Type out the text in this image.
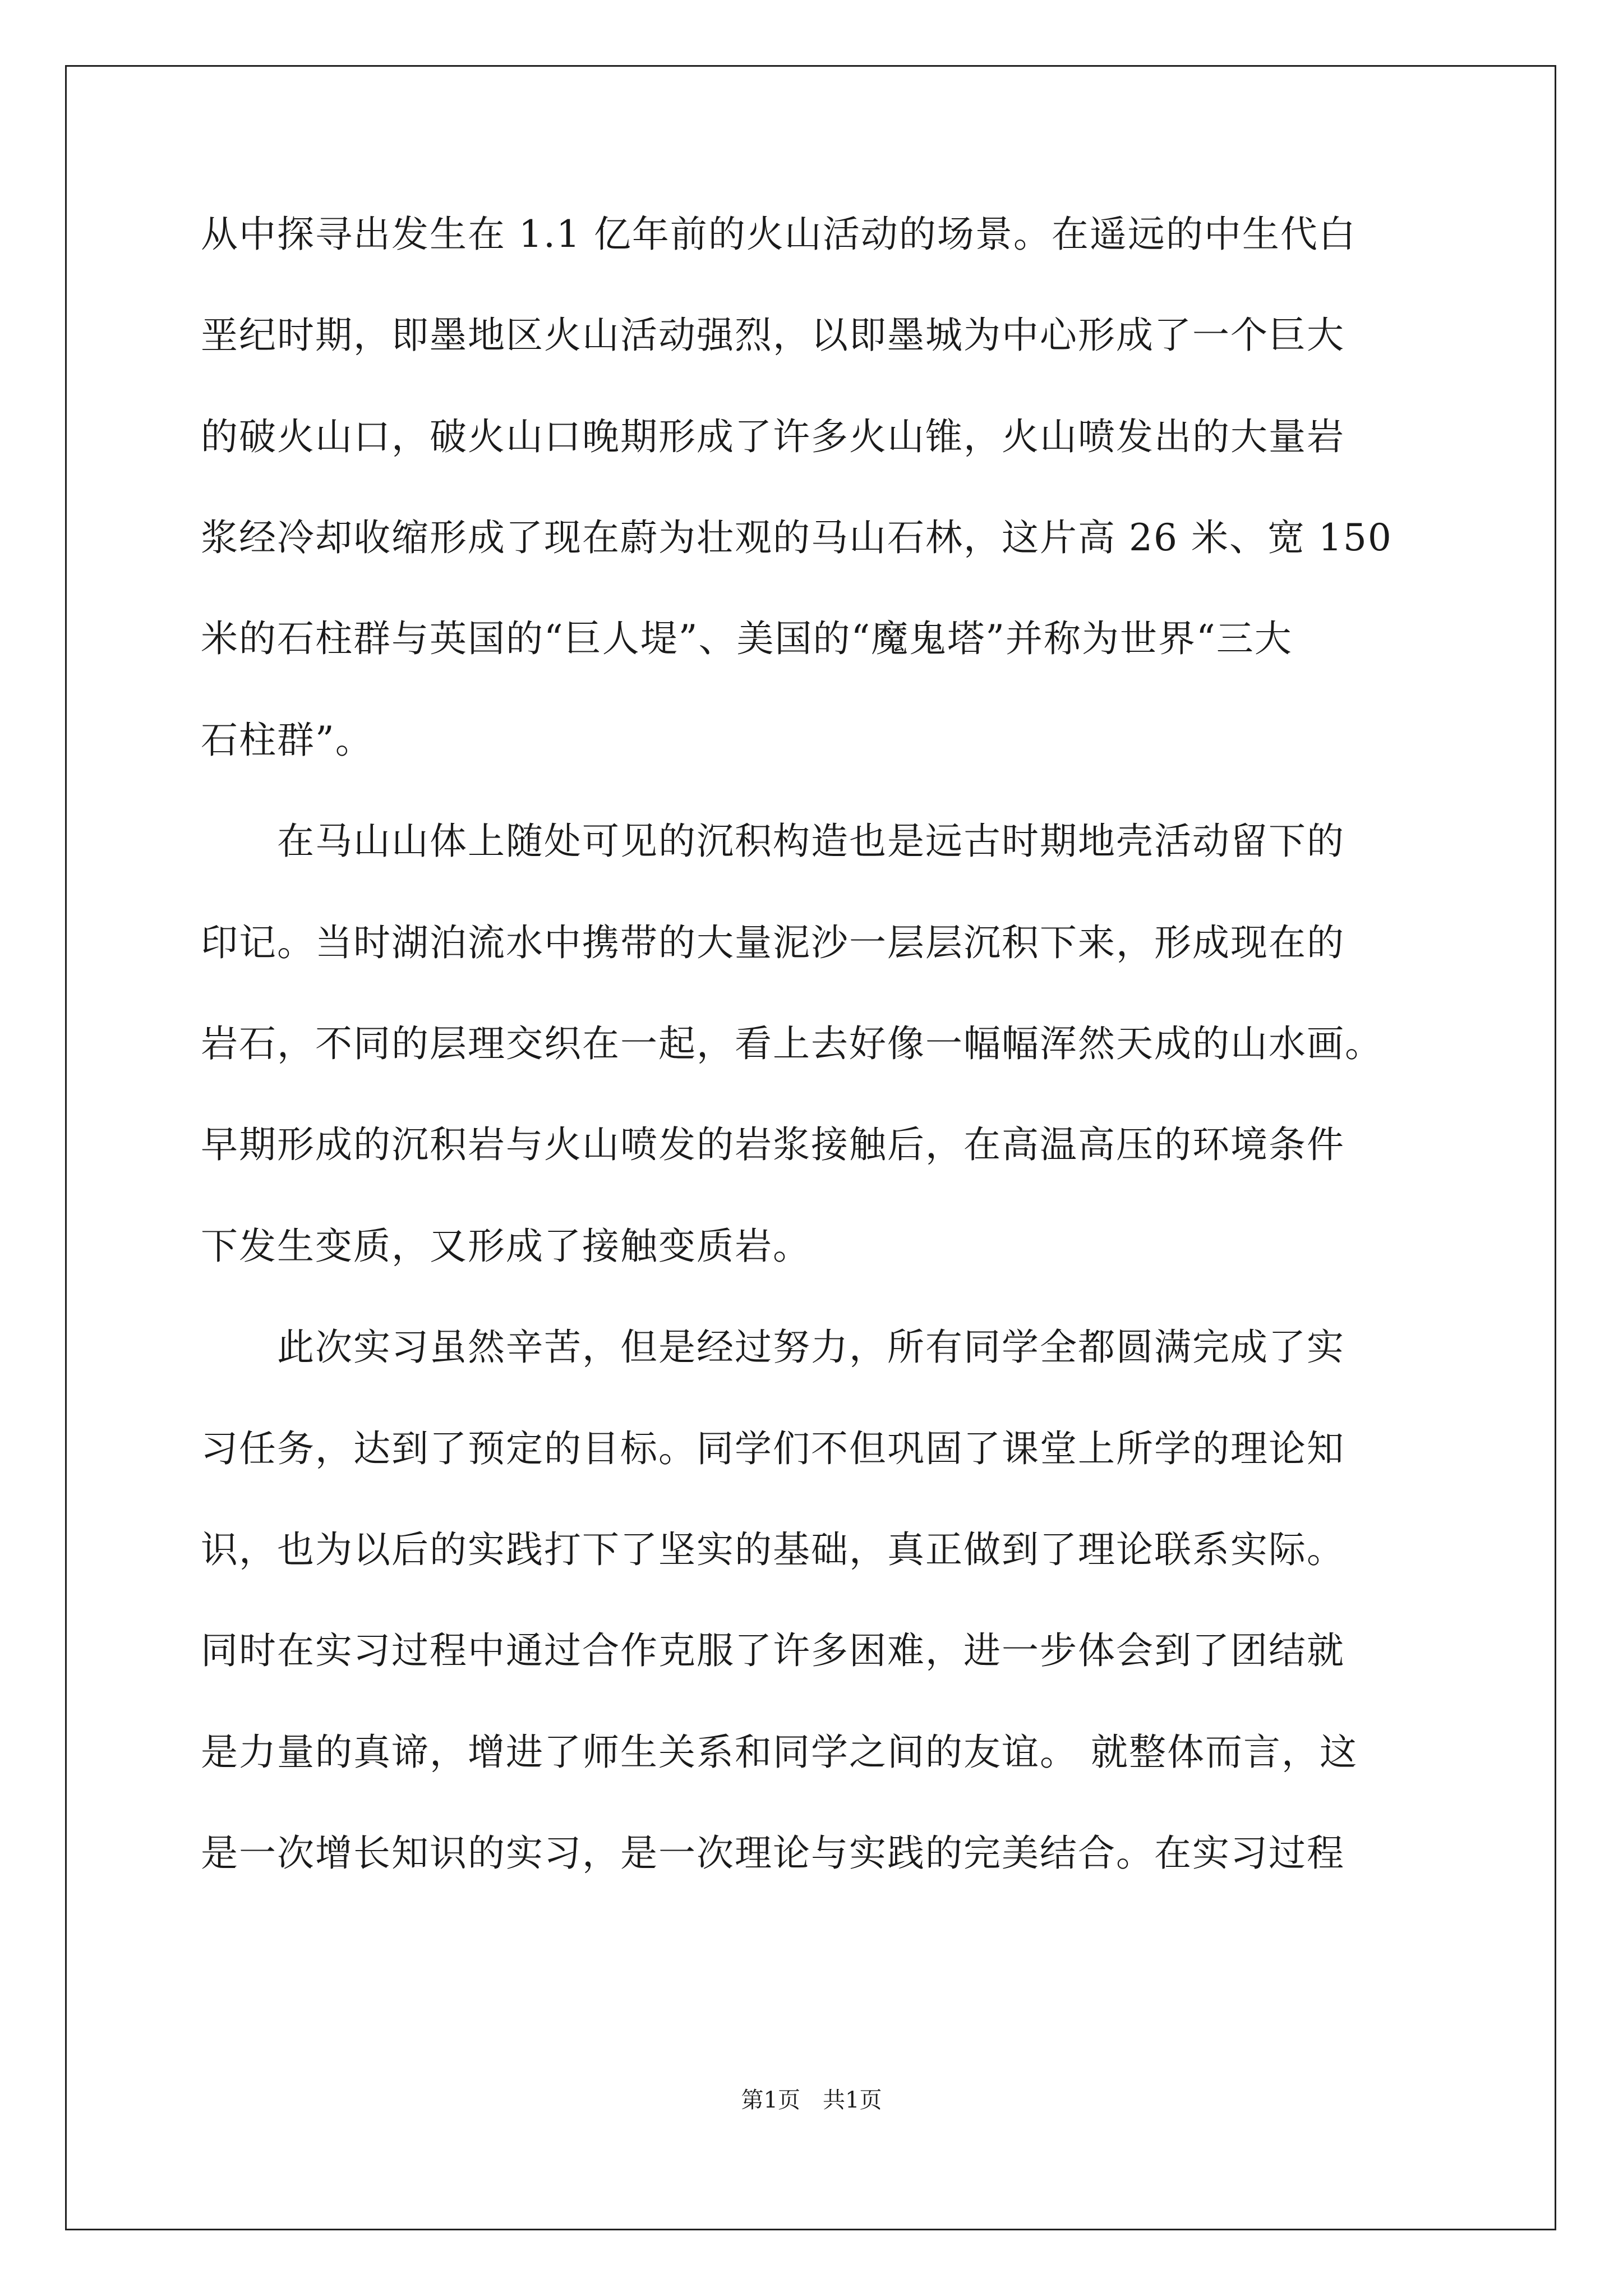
从中探寻出发生在 1.1 亿年前的火山活动的场景。在遥远的中生代白
垩纪时期，即墨地区火山活动强烈，以即墨城为中心形成了一个巨大
的破火山口，破火山口晚期形成了许多火山锥，火山喷发出的大量岩
浆经冷却收缩形成了现在蔚为壮观的马山石林，这片高 26 米、宽 150
米的石柱群与英国的“巨人堤”、美国的“魔鬼塔”并称为世界“三大
石柱群”。
　　在马山山体上随处可见的沉积构造也是远古时期地壳活动留下的
印记。当时湖泊流水中携带的大量泥沙一层层沉积下来，形成现在的
岩石，不同的层理交织在一起，看上去好像一幅幅浑然天成的山水画。
早期形成的沉积岩与火山喷发的岩浆接触后，在高温高压的环境条件
下发生变质，又形成了接触变质岩。
　　此次实习虽然辛苦，但是经过努力，所有同学全都圆满完成了实
习任务，达到了预定的目标。同学们不但巩固了课堂上所学的理论知
识，也为以后的实践打下了坚实的基础，真正做到了理论联系实际。
同时在实习过程中通过合作克服了许多困难，进一步体会到了团结就
是力量的真谛，增进了师生关系和同学之间的友谊。 就整体而言，这
是一次增长知识的实习，是一次理论与实践的完美结合。在实习过程
第1页　共1页
